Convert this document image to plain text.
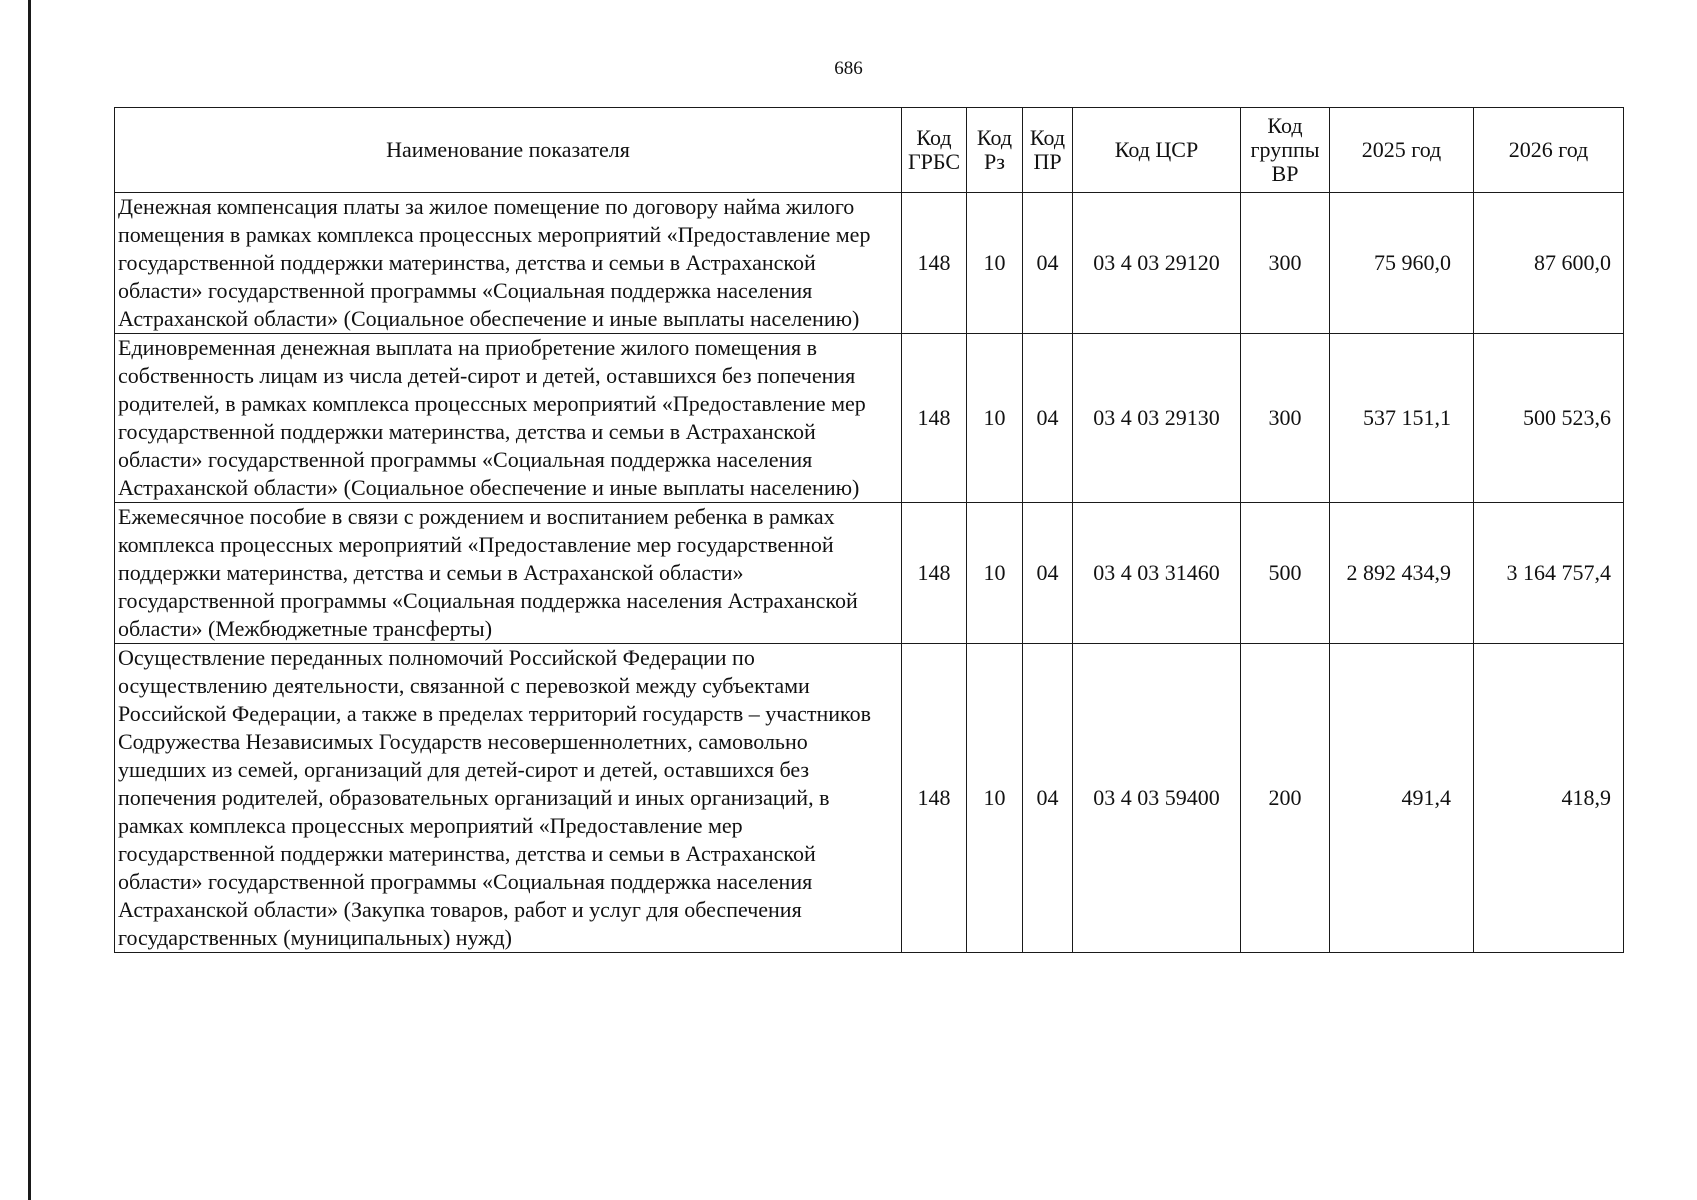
686
Наименование показателя	Код ГРБС	Код Рз	Код ПР	Код ЦСР	Код группы ВР	2025 год	2026 год
Денежная компенсация платы за жилое помещение по договору найма жилого помещения в рамках комплекса процессных мероприятий «Предоставление мер государственной поддержки материнства, детства и семьи в Астраханской области» государственной программы «Социальная поддержка населения Астраханской области» (Социальное обеспечение и иные выплаты населению)	148	10	04	03 4 03 29120	300	75 960,0	87 600,0
Единовременная денежная выплата на приобретение жилого помещения в собственность лицам из числа детей-сирот и детей, оставшихся без попечения родителей, в рамках комплекса процессных мероприятий «Предоставление мер государственной поддержки материнства, детства и семьи в Астраханской области» государственной программы «Социальная поддержка населения Астраханской области» (Социальное обеспечение и иные выплаты населению)	148	10	04	03 4 03 29130	300	537 151,1	500 523,6
Ежемесячное пособие в связи с рождением и воспитанием ребенка в рамках комплекса процессных мероприятий «Предоставление мер государственной поддержки материнства, детства и семьи в Астраханской области» государственной программы «Социальная поддержка населения Астраханской области» (Межбюджетные трансферты)	148	10	04	03 4 03 31460	500	2 892 434,9	3 164 757,4
Осуществление переданных полномочий Российской Федерации по осуществлению деятельности, связанной с перевозкой между субъектами Российской Федерации, а также в пределах территорий государств – участников Содружества Независимых Государств несовершеннолетних, самовольно ушедших из семей, организаций для детей-сирот и детей, оставшихся без попечения родителей, образовательных организаций и иных организаций, в рамках комплекса процессных мероприятий «Предоставление мер государственной поддержки материнства, детства и семьи в Астраханской области» государственной программы «Социальная поддержка населения Астраханской области» (Закупка товаров, работ и услуг для обеспечения государственных (муниципальных) нужд)	148	10	04	03 4 03 59400	200	491,4	418,9
